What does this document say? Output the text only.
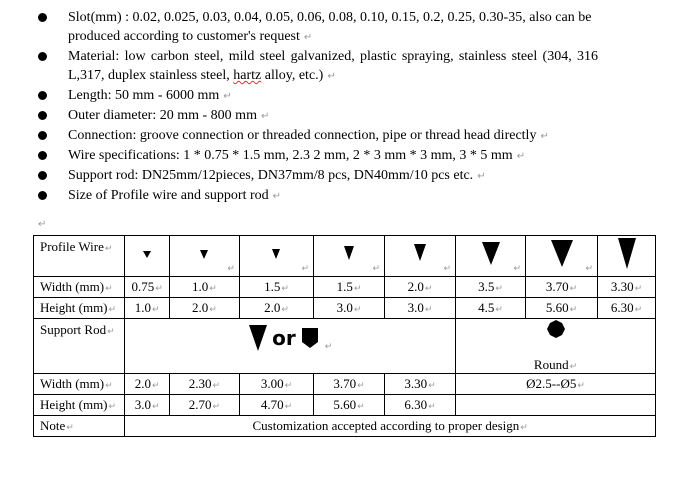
Slot(mm) : 0.02, 0.025, 0.03, 0.04, 0.05, 0.06, 0.08, 0.10, 0.15, 0.2, 0.25, 0.30-35, also can be produced according to customer's request ↵
Material: low carbon steel, mild steel galvanized, plastic spraying, stainless steel (304, 316 L,317, duplex stainless steel, hartz alloy, etc.) ↵
Length: 50 mm - 6000 mm ↵
Outer diameter: 20 mm - 800 mm ↵
Connection: groove connection or threaded connection, pipe or thread head directly ↵
Wire specifications: 1 * 0.75 * 1.5 mm, 2.3 2 mm, 2 * 3 mm * 3 mm, 3 * 5 mm ↵
Support rod: DN25mm/12pieces, DN37mm/8 pcs, DN40mm/10 pcs etc. ↵
Size of Profile wire and support rod ↵
↵
Profile Wire↵		↵	↵	↵	↵	↵	↵

Width (mm)↵	0.75↵	1.0↵	1.5↵	1.5↵	2.0↵	3.5↵	3.70↵	3.30↵
Height (mm)↵	1.0↵	2.0↵	2.0↵	3.0↵	3.0↵	4.5↵	5.60↵	6.30↵
Support Rod↵	or ↵					Round↵		

Width (mm)↵	2.0↵	2.30↵	3.00↵	3.70↵	3.30↵	Ø2.5--Ø5↵		
Height (mm)↵	3.0↵	2.70↵	4.70↵	5.60↵	6.30↵			
Note↵	Customization accepted according to proper design↵							
